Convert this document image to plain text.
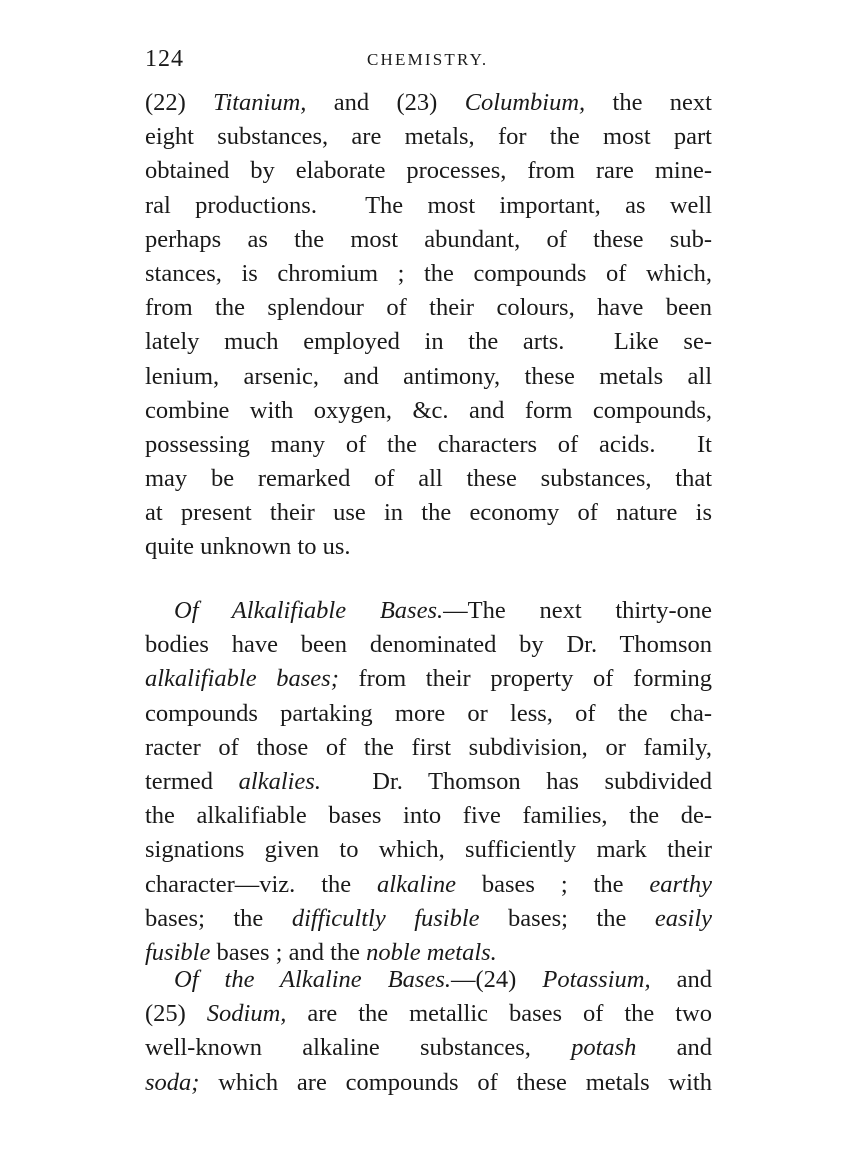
124	CHEMISTRY.
(22) Titanium, and (23) Columbium, the next
eight substances, are metals, for the most part
obtained by elaborate processes, from rare mine-
ral productions.  The most important, as well
perhaps as the most abundant, of these sub-
stances, is chromium ; the compounds of which,
from the splendour of their colours, have been
lately much employed in the arts.  Like se-
lenium, arsenic, and antimony, these metals all
combine with oxygen, &c. and form compounds,
possessing many of the characters of acids.  It
may be remarked of all these substances, that
at present their use in the economy of nature is
quite unknown to us.
Of Alkalifiable Bases.—The next thirty-one
bodies have been denominated by Dr. Thomson
alkalifiable bases; from their property of forming
compounds partaking more or less, of the cha-
racter of those of the first subdivision, or family,
termed alkalies.  Dr. Thomson has subdivided
the alkalifiable bases into five families, the de-
signations given to which, sufficiently mark their
character—viz. the alkaline bases ; the earthy
bases; the difficultly fusible bases; the easily
fusible bases ; and the noble metals.
Of the Alkaline Bases.—(24) Potassium, and
(25) Sodium, are the metallic bases of the two
well-known alkaline substances, potash and
soda; which are compounds of these metals with
